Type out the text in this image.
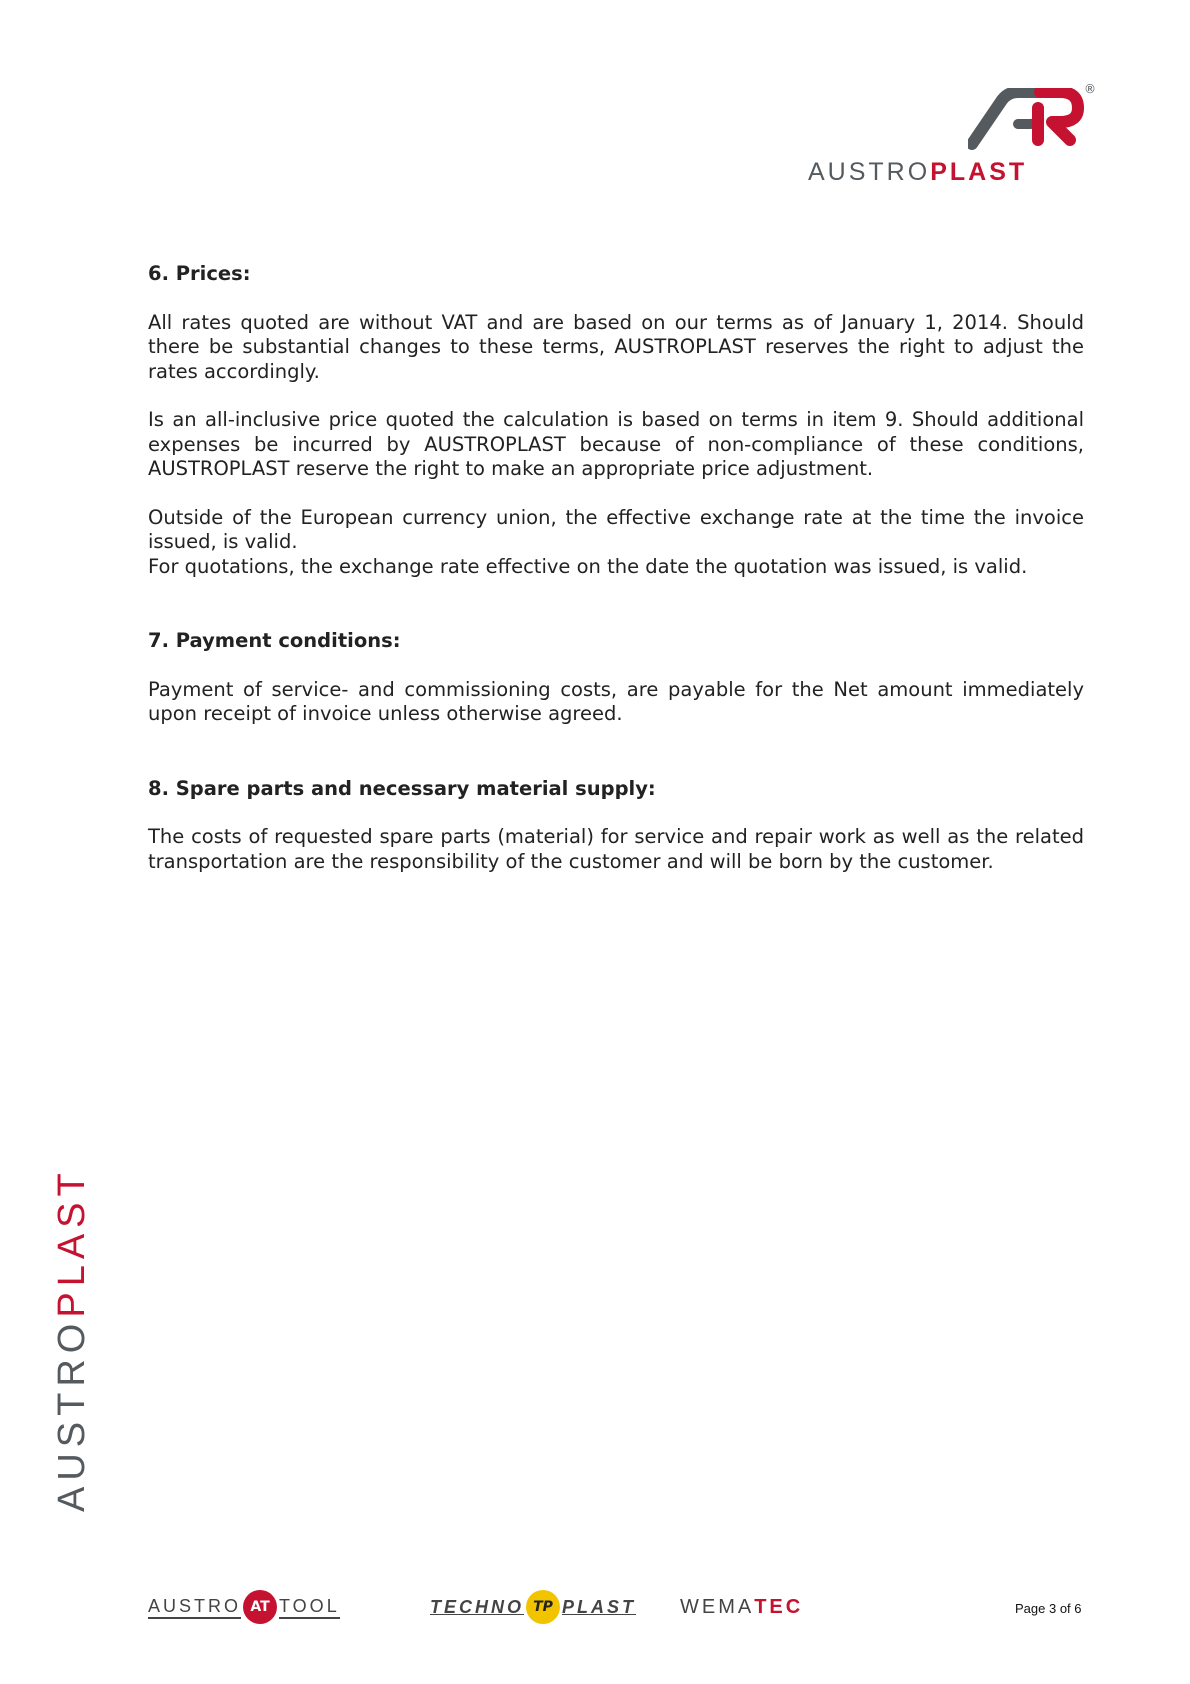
®
AUSTROPLAST
6. Prices:

All rates quoted are without VAT and are based on our terms as of January 1, 2014. Should there be substantial changes to these terms, AUSTROPLAST reserves the right to adjust the rates accordingly.

Is an all-inclusive price quoted the calculation is based on terms in item 9. Should additional expenses be incurred by AUSTROPLAST because of non-compliance of these conditions, AUSTROPLAST reserve the right to make an appropriate price adjustment.

Outside of the European currency union, the effective exchange rate at the time the invoice issued, is valid.

For quotations, the exchange rate effective on the date the quotation was issued, is valid.

7. Payment conditions:

Payment of service- and commissioning costs, are payable for the Net amount immediately upon receipt of invoice unless otherwise agreed.

8. Spare parts and necessary material supply:

The costs of requested spare parts (material) for service and repair work as well as the related transportation are the responsibility of the customer and will be born by the customer.

AUSTROPLAST
AUSTRO AT TOOL	TECHNO TP PLAST WEMA TEC	Page 3 of 6
